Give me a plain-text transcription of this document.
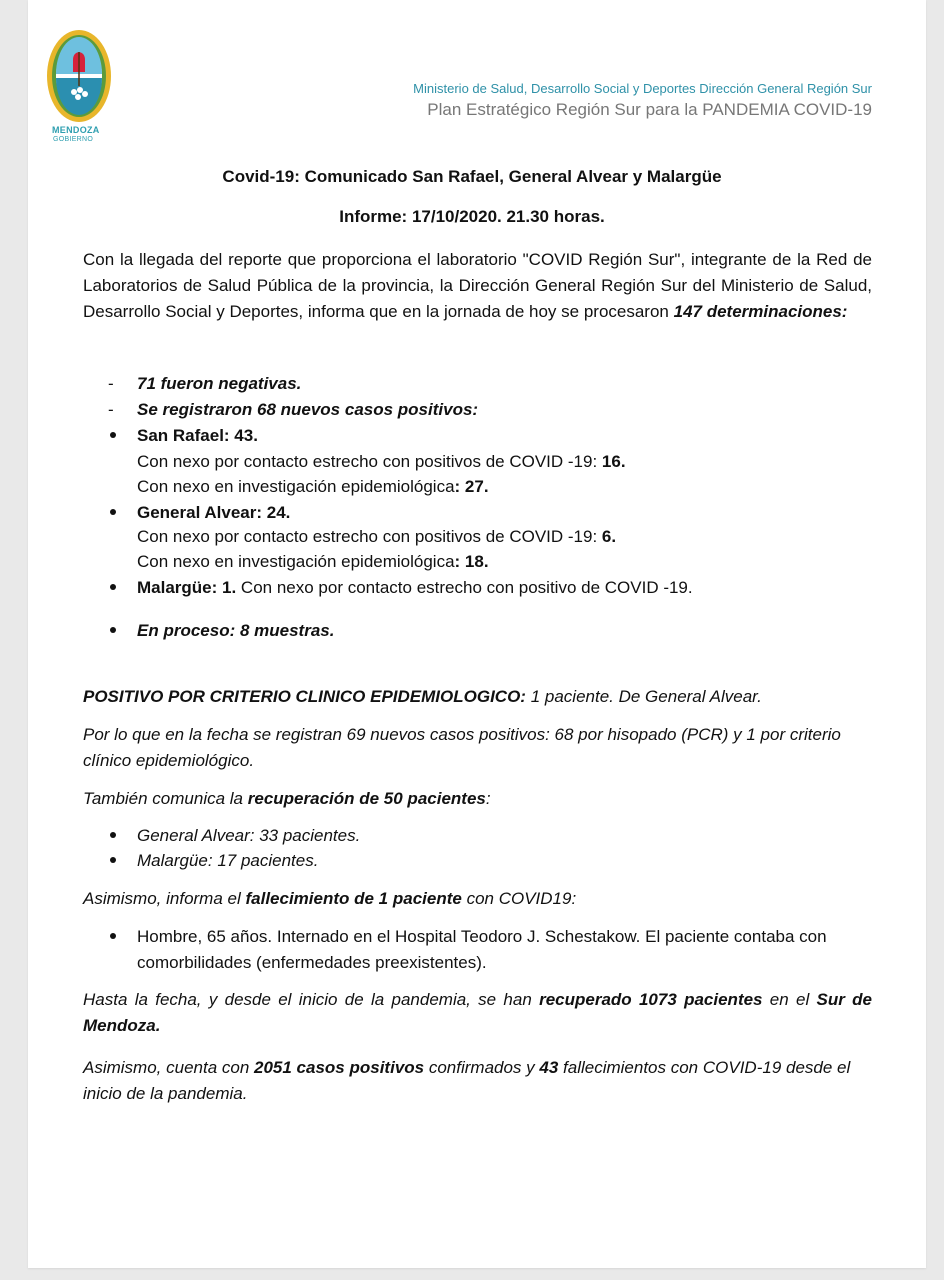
MENDOZA
GOBIERNO
Ministerio de Salud, Desarrollo Social y Deportes Dirección General Región Sur
Plan Estratégico Región Sur para la PANDEMIA COVID-19
Covid-19: Comunicado San Rafael, General Alvear y Malargüe
Informe: 17/10/2020. 21.30 horas.
Con la llegada del reporte que proporciona el laboratorio "COVID Región Sur", integrante de la Red de Laboratorios de Salud Pública de la provincia, la Dirección General Región Sur del Ministerio de Salud, Desarrollo Social y Deportes, informa que en la jornada de hoy se procesaron 147 determinaciones:
- 71 fueron negativas.
- Se registraron 68 nuevos casos positivos:
San Rafael: 43.
Con nexo por contacto estrecho con positivos de COVID -19: 16.
Con nexo en investigación epidemiológica: 27.
General Alvear: 24.
Con nexo por contacto estrecho con positivos de COVID -19: 6.
Con nexo en investigación epidemiológica: 18.
Malargüe: 1. Con nexo por contacto estrecho con positivo de COVID -19.
En proceso: 8 muestras.
POSITIVO POR CRITERIO CLINICO EPIDEMIOLOGICO: 1 paciente. De General Alvear.
Por lo que en la fecha se registran 69 nuevos casos positivos: 68 por hisopado (PCR) y 1 por criterio clínico epidemiológico.
También comunica la recuperación de 50 pacientes:
General Alvear: 33 pacientes.
Malargüe: 17 pacientes.
Asimismo, informa el fallecimiento de 1 paciente con COVID19:
Hombre, 65 años. Internado en el Hospital Teodoro J. Schestakow. El paciente contaba con comorbilidades (enfermedades preexistentes).
Hasta la fecha, y desde el inicio de la pandemia, se han recuperado 1073 pacientes en el Sur de Mendoza.
Asimismo, cuenta con 2051 casos positivos confirmados y 43 fallecimientos con COVID-19 desde el inicio de la pandemia.
